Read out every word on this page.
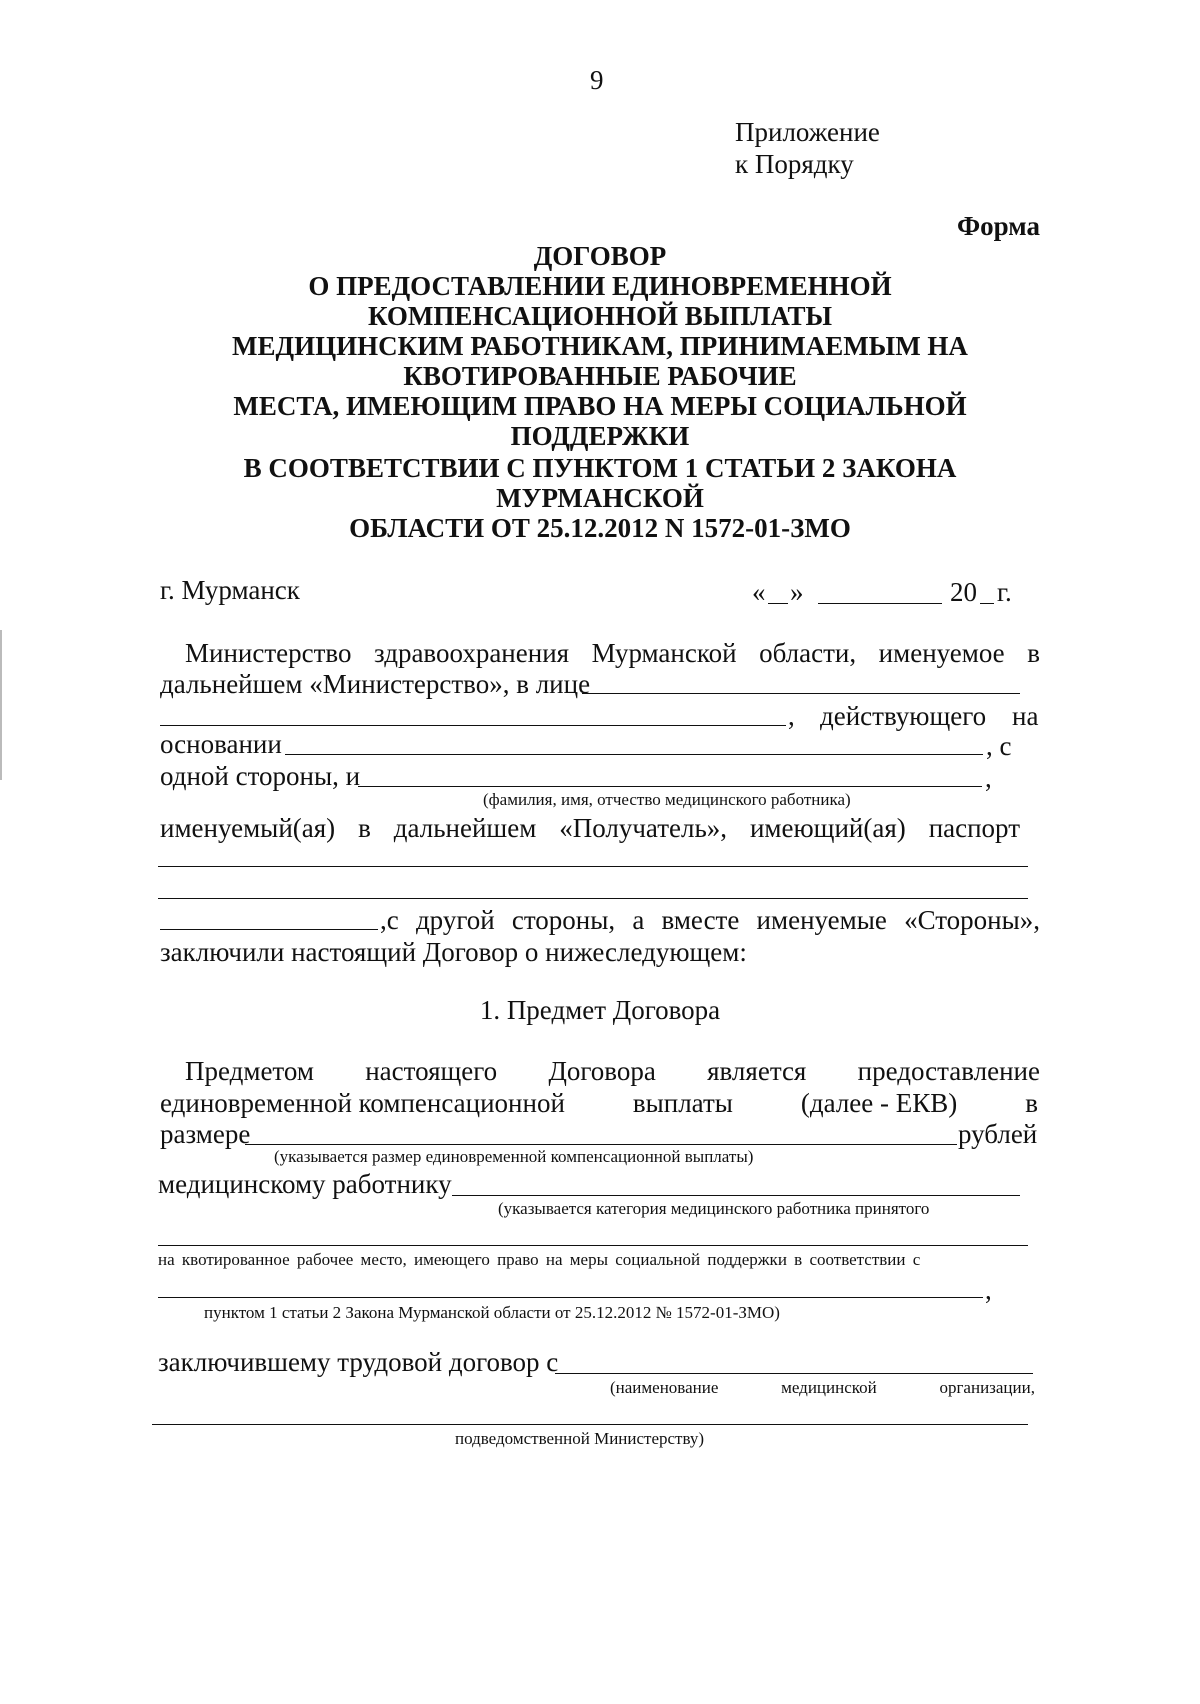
9
Приложение
к Порядку
Форма
ДОГОВОР
О ПРЕДОСТАВЛЕНИИ ЕДИНОВРЕМЕННОЙ
КОМПЕНСАЦИОННОЙ ВЫПЛАТЫ
МЕДИЦИНСКИМ РАБОТНИКАМ, ПРИНИМАЕМЫМ НА
КВОТИРОВАННЫЕ РАБОЧИЕ
МЕСТА, ИМЕЮЩИМ ПРАВО НА МЕРЫ СОЦИАЛЬНОЙ
ПОДДЕРЖКИ
В СООТВЕТСТВИИ С ПУНКТОМ 1 СТАТЬИ 2 ЗАКОНА
МУРМАНСКОЙ
ОБЛАСТИ ОТ 25.12.2012 N 1572-01-ЗМО
г. Мурманск	« »	20 г.
Министерство здравоохранения Мурманской области, именуемое в
дальнейшем «Министерство», в лице
, действующего на
основании	, с
одной стороны, и	,
(фамилия, имя, отчество медицинского работника)
именуемый(ая) в дальнейшем «Получатель», имеющий(ая) паспорт
,с другой стороны, а вместе именуемые «Стороны»,
заключили настоящий Договор о нижеследующем:
1. Предмет Договора
Предметом настоящего Договора является предоставление
единовременной компенсационной	выплаты	(далее - ЕКВ)	в
размере	рублей
(указывается размер единовременной компенсационной выплаты)
медицинскому работнику
(указывается категория медицинского работника принятого
на квотированное рабочее место, имеющего право на меры социальной поддержки в соответствии с
,
пунктом 1 статьи 2 Закона Мурманской области от 25.12.2012 № 1572-01-ЗМО)
заключившему трудовой договор с
(наименование	медицинской	организации,
подведомственной Министерству)
